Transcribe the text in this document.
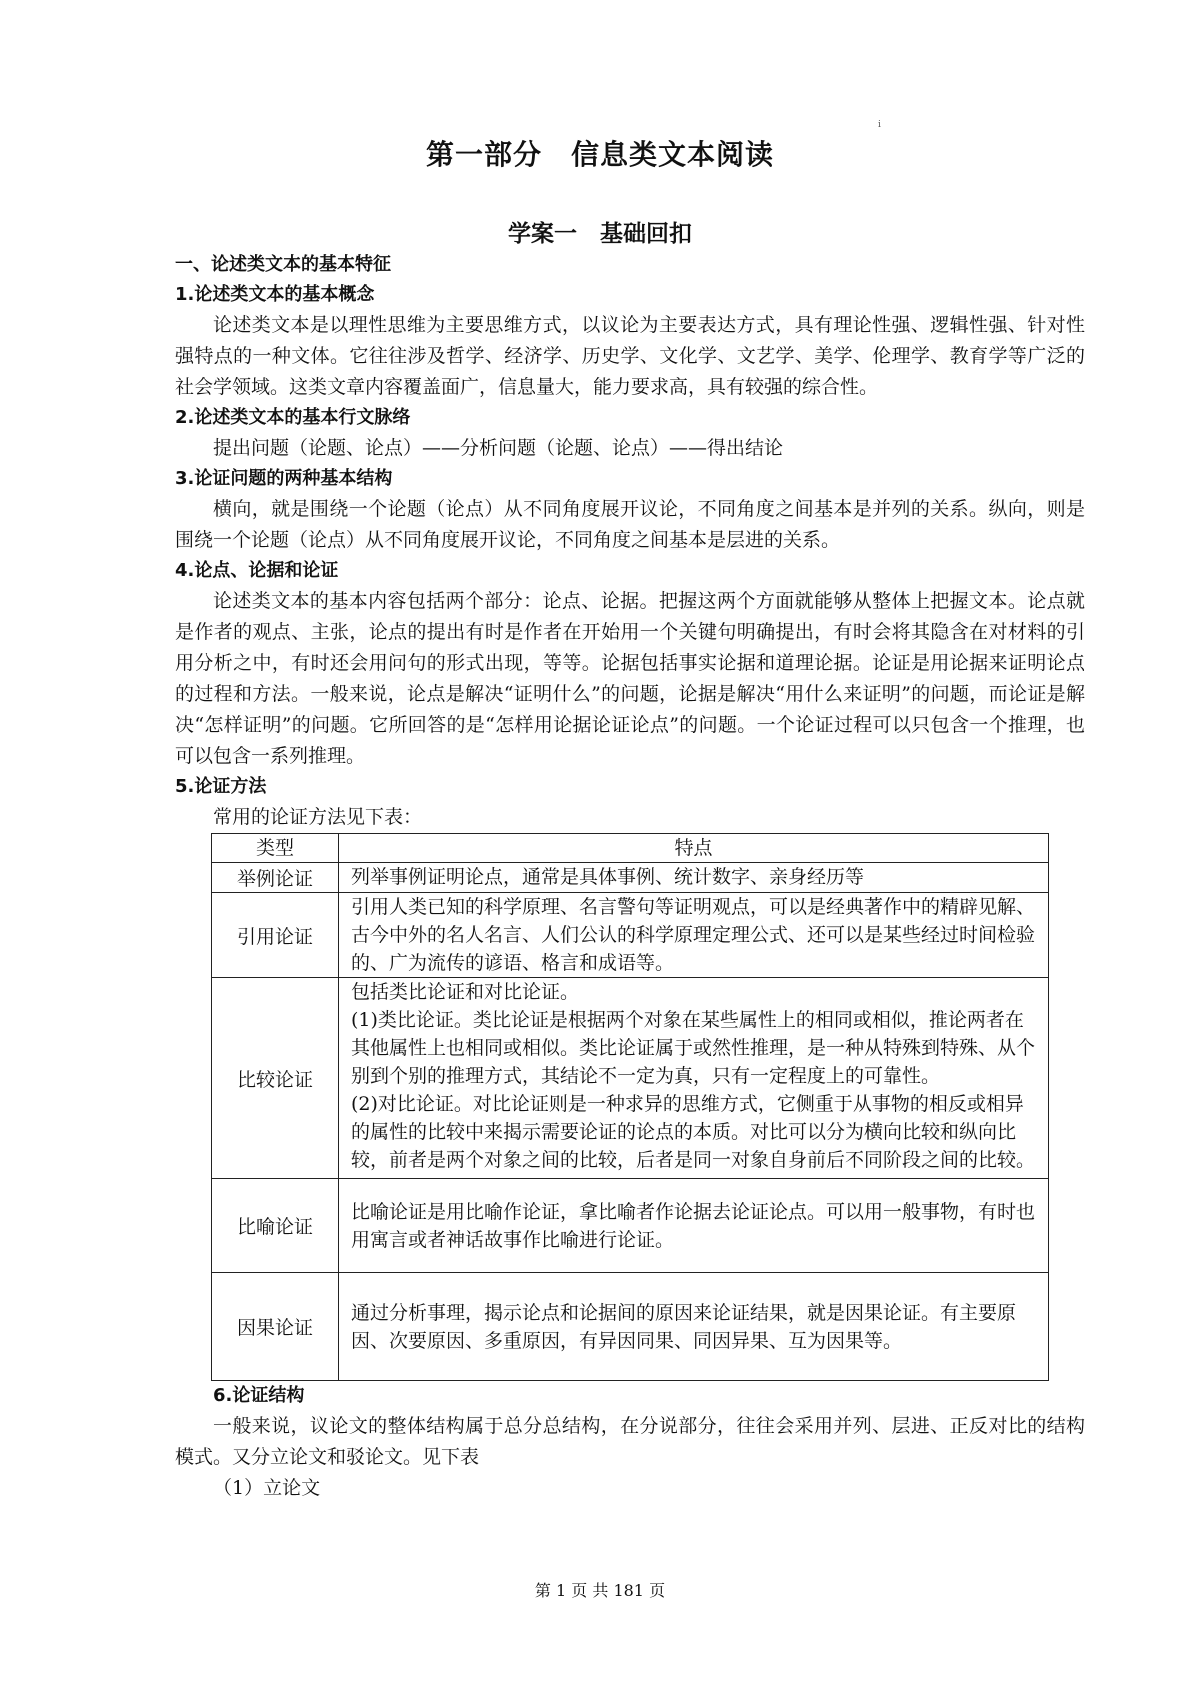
i
第一部分　信息类文本阅读
学案一　基础回扣
一、论述类文本的基本特征
1.论述类文本的基本概念
论述类文本是以理性思维为主要思维方式，以议论为主要表达方式，具有理论性强、逻辑性强、针对性强特点的一种文体。它往往涉及哲学、经济学、历史学、文化学、文艺学、美学、伦理学、教育学等广泛的社会学领域。这类文章内容覆盖面广，信息量大，能力要求高，具有较强的综合性。
2.论述类文本的基本行文脉络
提出问题（论题、论点）——分析问题（论题、论点）——得出结论
3.论证问题的两种基本结构
横向，就是围绕一个论题（论点）从不同角度展开议论，不同角度之间基本是并列的关系。纵向，则是围绕一个论题（论点）从不同角度展开议论，不同角度之间基本是层进的关系。
4.论点、论据和论证
论述类文本的基本内容包括两个部分：论点、论据。把握这两个方面就能够从整体上把握文本。论点就是作者的观点、主张，论点的提出有时是作者在开始用一个关键句明确提出，有时会将其隐含在对材料的引用分析之中，有时还会用问句的形式出现，等等。论据包括事实论据和道理论据。论证是用论据来证明论点的过程和方法。一般来说，论点是解决“证明什么”的问题，论据是解决“用什么来证明”的问题，而论证是解决“怎样证明”的问题。它所回答的是“怎样用论据论证论点”的问题。一个论证过程可以只包含一个推理，也可以包含一系列推理。
5.论证方法
常用的论证方法见下表：
类型	特点
举例论证	列举事例证明论点，通常是具体事例、统计数字、亲身经历等

引用论证	引用人类已知的科学原理、名言警句等证明观点，可以是经典著作中的精辟见解、古今中外的名人名言、人们公认的科学原理定理公式、还可以是某些经过时间检验的、广为流传的谚语、格言和成语等。

比较论证	包括类比论证和对比论证。
(1)类比论证。类比论证是根据两个对象在某些属性上的相同或相似，推论两者在其他属性上也相同或相似。类比论证属于或然性推理，是一种从特殊到特殊、从个别到个别的推理方式，其结论不一定为真，只有一定程度上的可靠性。
(2)对比论证。对比论证则是一种求异的思维方式，它侧重于从事物的相反或相异的属性的比较中来揭示需要论证的论点的本质。对比可以分为横向比较和纵向比较，前者是两个对象之间的比较，后者是同一对象自身前后不同阶段之间的比较。

比喻论证	比喻论证是用比喻作论证，拿比喻者作论据去论证论点。可以用一般事物，有时也用寓言或者神话故事作比喻进行论证。

因果论证	通过分析事理，揭示论点和论据间的原因来论证结果，就是因果论证。有主要原因、次要原因、多重原因，有异因同果、同因异果、互为因果等。
6.论证结构
一般来说，议论文的整体结构属于总分总结构，在分说部分，往往会采用并列、层进、正反对比的结构模式。又分立论文和驳论文。见下表
（1）立论文
第 1 页 共 181 页
